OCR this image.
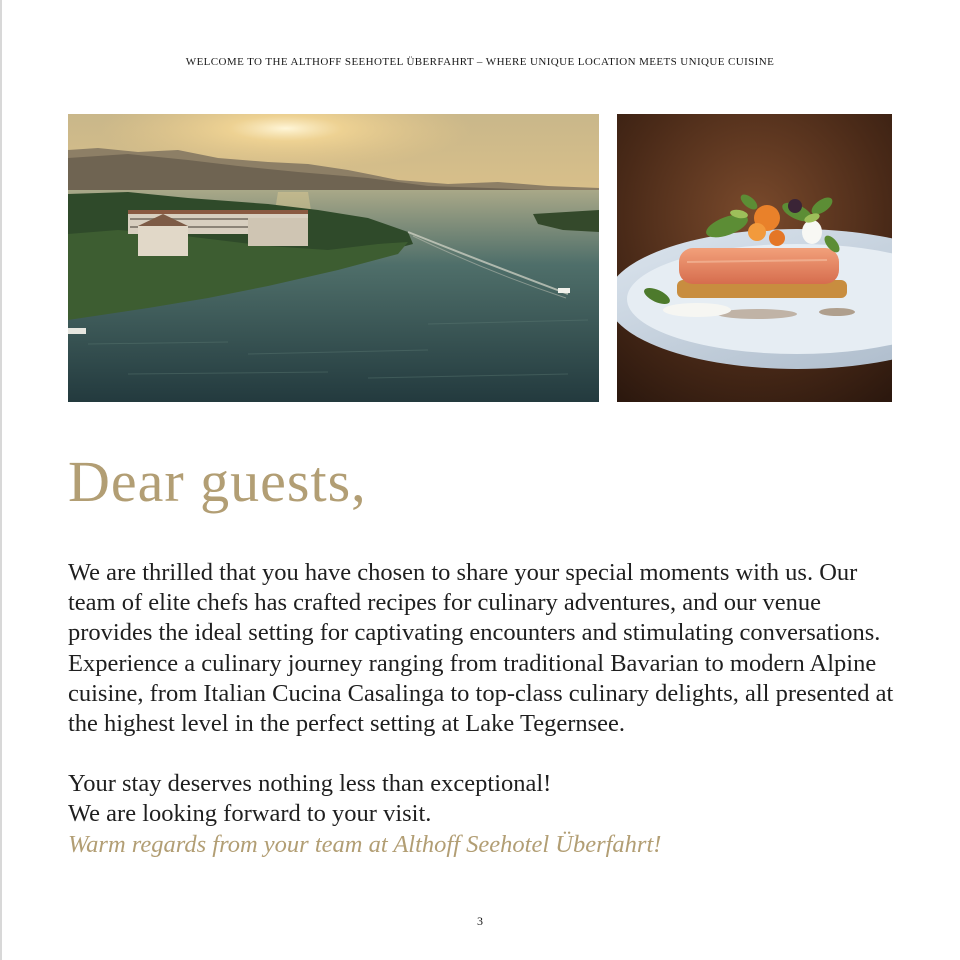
WELCOME TO THE ALTHOFF SEEHOTEL ÜBERFAHRT – WHERE UNIQUE LOCATION MEETS UNIQUE CUISINE
Dear guests,

We are thrilled that you have chosen to share your special moments with us. Our team of elite chefs has crafted recipes for culinary adventures, and our venue provides the ideal setting for captivating encounters and stimulating conversations.

Experience a culinary journey ranging from traditional Bavarian to modern Alpine cuisine, from Italian Cucina Casalinga to top-class culinary delights, all presented at the highest level in the perfect setting at Lake Tegernsee.

Your stay deserves nothing less than exceptional!

We are looking forward to your visit.

Warm regards from your team at Althoff Seehotel Überfahrt!

3
